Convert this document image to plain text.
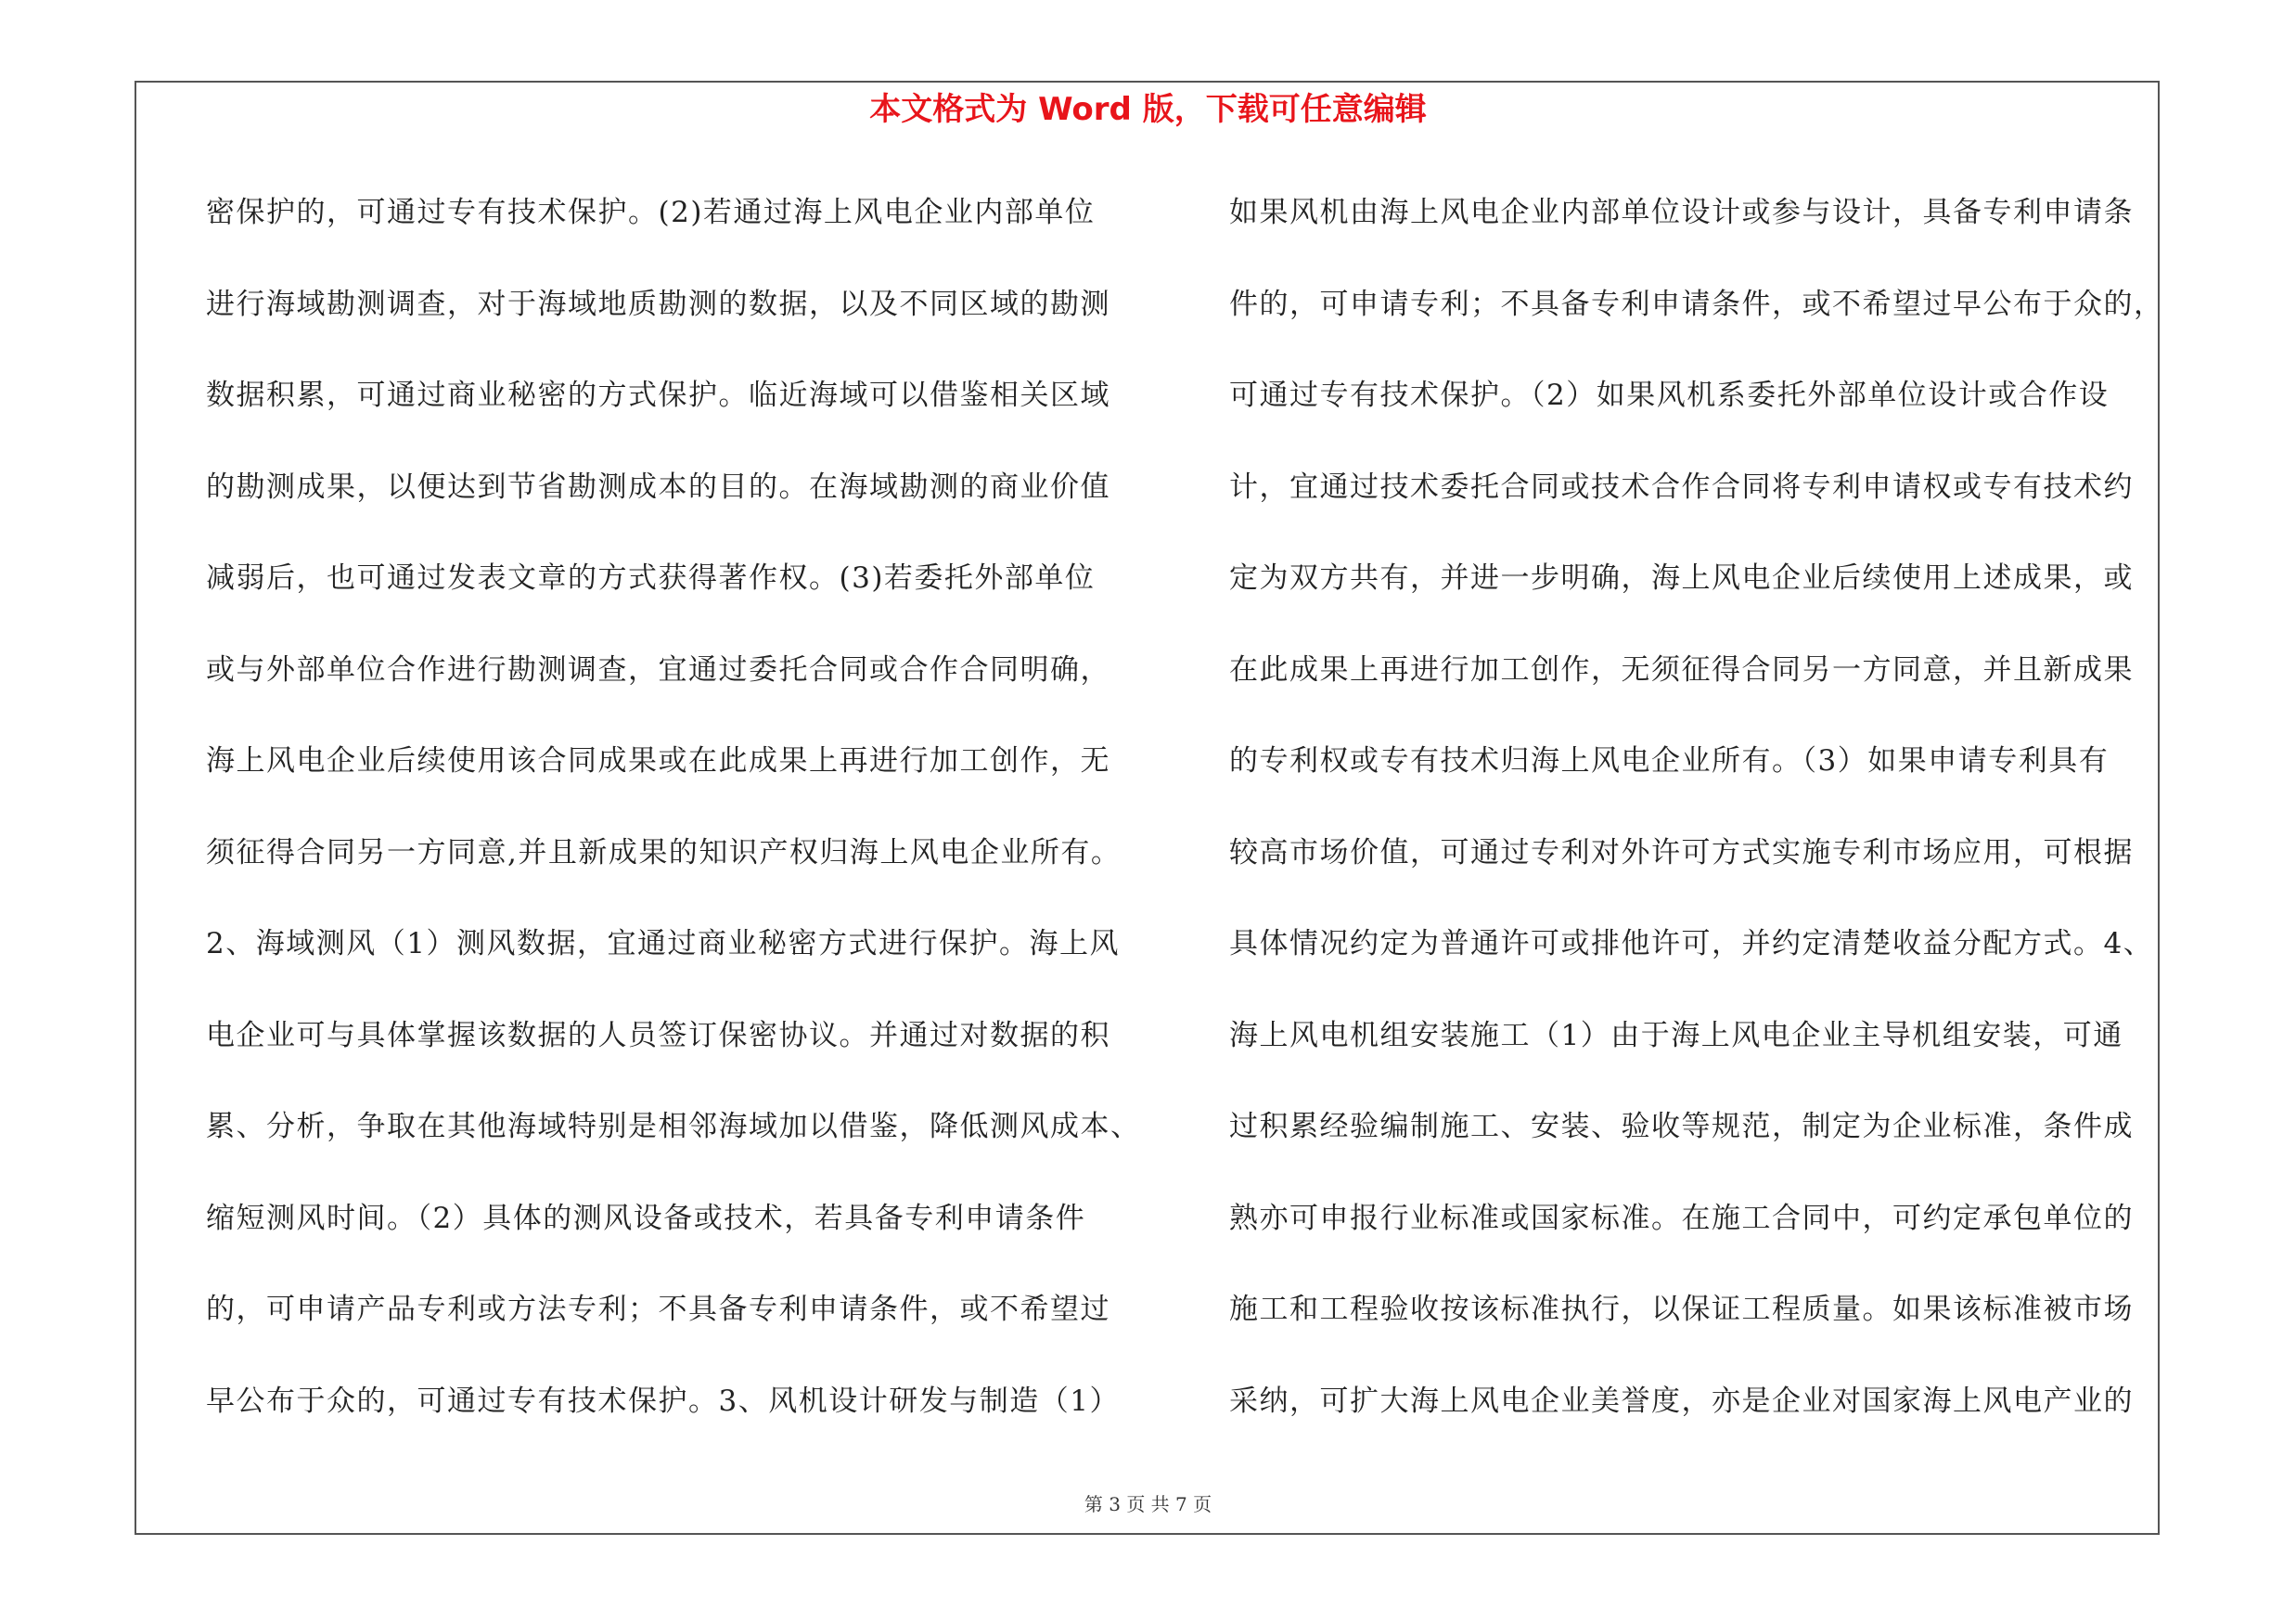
本文格式为 Word 版，下载可任意编辑
密保护的，可通过专有技术保护。(2)若通过海上风电企业内部单位
进行海域勘测调查，对于海域地质勘测的数据，以及不同区域的勘测
数据积累，可通过商业秘密的方式保护。临近海域可以借鉴相关区域
的勘测成果，以便达到节省勘测成本的目的。在海域勘测的商业价值
减弱后，也可通过发表文章的方式获得著作权。(3)若委托外部单位
或与外部单位合作进行勘测调查，宜通过委托合同或合作合同明确，
海上风电企业后续使用该合同成果或在此成果上再进行加工创作，无
须征得合同另一方同意,并且新成果的知识产权归海上风电企业所有。
2、海域测风（1）测风数据，宜通过商业秘密方式进行保护。海上风
电企业可与具体掌握该数据的人员签订保密协议。并通过对数据的积
累、分析，争取在其他海域特别是相邻海域加以借鉴，降低测风成本、
缩短测风时间。（2）具体的测风设备或技术，若具备专利申请条件
的，可申请产品专利或方法专利；不具备专利申请条件，或不希望过
早公布于众的，可通过专有技术保护。3、风机设计研发与制造（1）
如果风机由海上风电企业内部单位设计或参与设计，具备专利申请条
件的，可申请专利；不具备专利申请条件，或不希望过早公布于众的，
可通过专有技术保护。（2）如果风机系委托外部单位设计或合作设
计，宜通过技术委托合同或技术合作合同将专利申请权或专有技术约
定为双方共有，并进一步明确，海上风电企业后续使用上述成果，或
在此成果上再进行加工创作，无须征得合同另一方同意，并且新成果
的专利权或专有技术归海上风电企业所有。（3）如果申请专利具有
较高市场价值，可通过专利对外许可方式实施专利市场应用，可根据
具体情况约定为普通许可或排他许可，并约定清楚收益分配方式。4、
海上风电机组安装施工（1）由于海上风电企业主导机组安装，可通
过积累经验编制施工、安装、验收等规范，制定为企业标准，条件成
熟亦可申报行业标准或国家标准。在施工合同中，可约定承包单位的
施工和工程验收按该标准执行，以保证工程质量。如果该标准被市场
采纳，可扩大海上风电企业美誉度，亦是企业对国家海上风电产业的
第 3 页 共 7 页
